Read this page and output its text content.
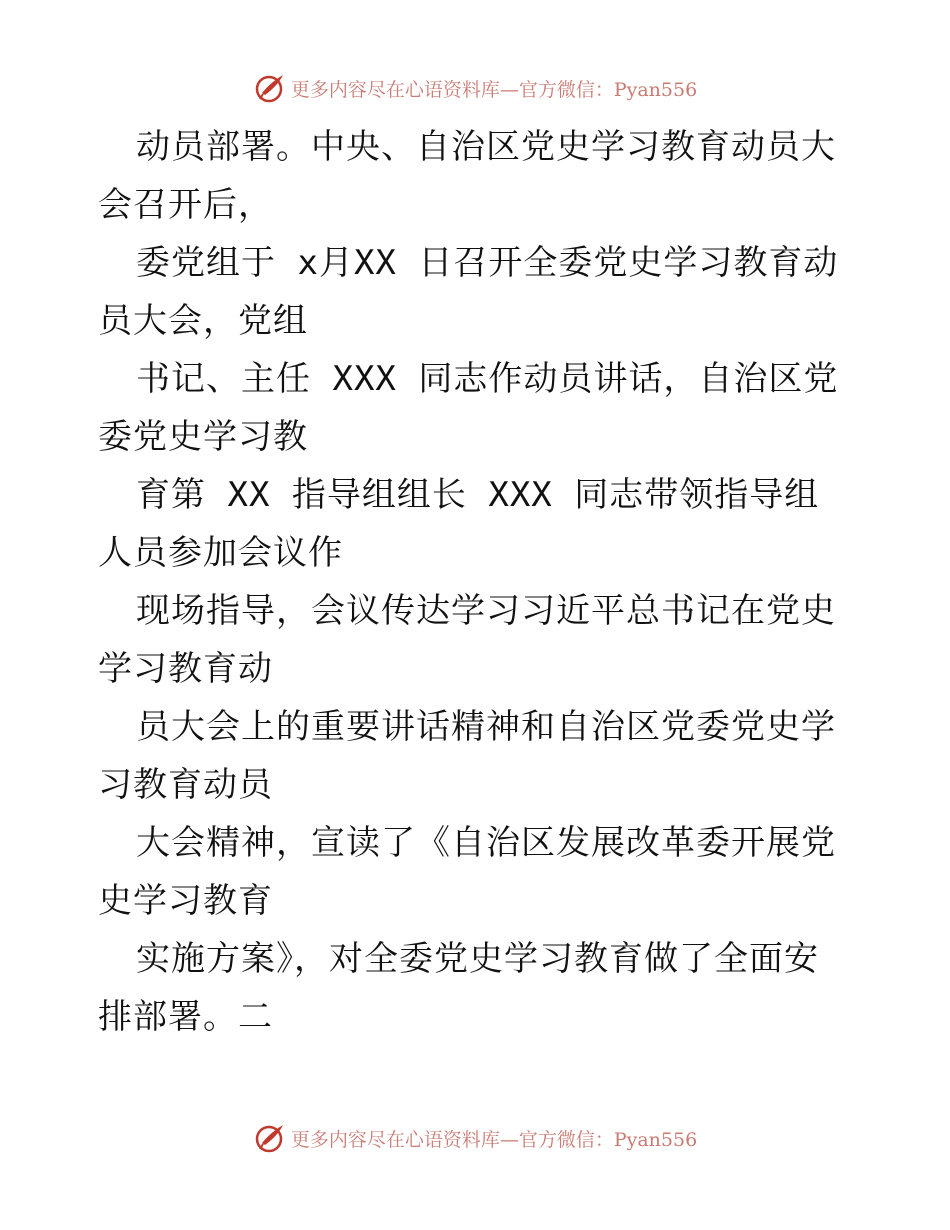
更多内容尽在心语资料库—官方微信：Pyan556

动员部署。中央、自治区党史学习教育动员大会召开后，

委党组于 x月XX 日召开全委党史学习教育动员大会，党组

书记、主任 XXX 同志作动员讲话，自治区党委党史学习教

育第 XX 指导组组长 XXX 同志带领指导组人员参加会议作

现场指导，会议传达学习习近平总书记在党史学习教育动

员大会上的重要讲话精神和自治区党委党史学习教育动员

大会精神，宣读了《自治区发展改革委开展党史学习教育

实施方案》，对全委党史学习教育做了全面安排部署。二

更多内容尽在心语资料库—官方微信：Pyan556
